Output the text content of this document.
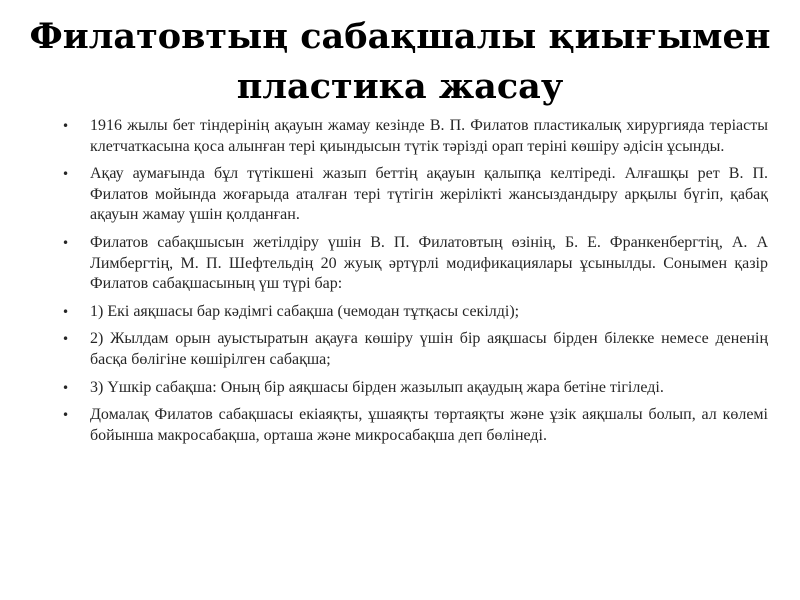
Филатовтың сабақшалы қиығымен пластика жасау
• 1916 жылы бет тіндерінің ақауын жамау кезінде В. П. Филатов пластикалық хирургияда теріасты клетчаткасына қоса алынған тері қиындысын түтік тәрізді орап теріні көшіру әдісін ұсынды.
• Ақау аумағында бұл түтікшені жазып беттің ақауын қалыпқа келтіреді. Алғашқы рет В. П. Филатов мойында жоғарыда аталған тері түтігін жерілікті жансыздандыру арқылы бүгіп, қабақ ақауын жамау үшін қолданған.
• Филатов сабақшысын жетілдіру үшін В. П. Филатовтың өзінің, Б. Е. Франкенбергтің, А. А Лимбергтің, М. П. Шефтельдің 20 жуық әртүрлі модификациялары ұсынылды. Сонымен қазір Филатов сабақшасының үш түрі бар:
• 1) Екі аяқшасы бар кәдімгі сабақша (чемодан тұтқасы секілді);
• 2) Жылдам орын ауыстыратын ақауға көшіру үшін бір аяқшасы бірден білекке немесе дененің басқа бөлігіне көшірілген сабақша;
• 3) Үшкір сабақша: Оның бір аяқшасы бірден жазылып ақаудың жара бетіне тігіледі.
• Домалақ Филатов сабақшасы екіаяқты, ұшаяқты төртаяқты және ұзік аяқшалы болып, ал көлемі бойынша макросабақша, орташа және микросабақша деп бөлінеді.
